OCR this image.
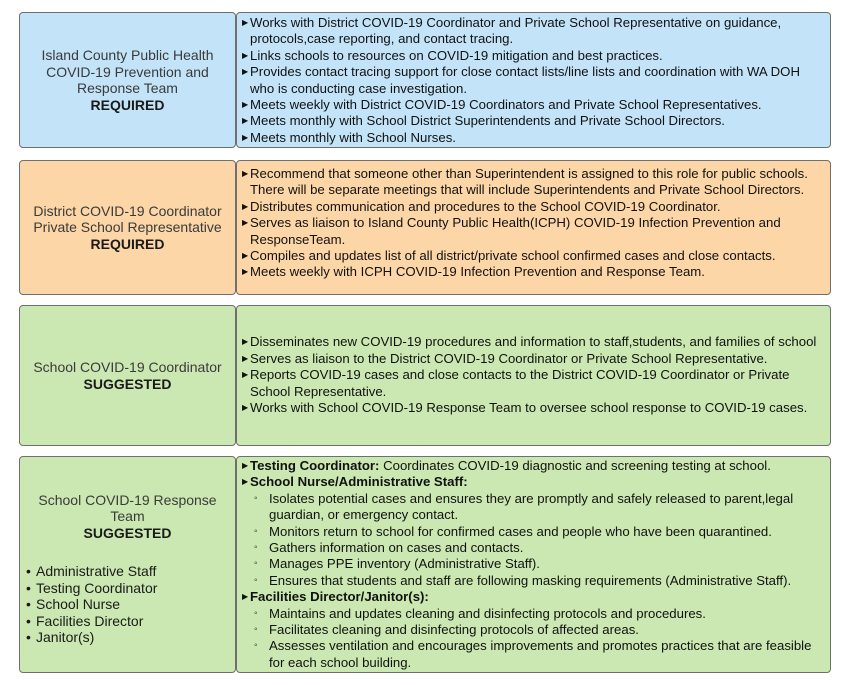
Island County Public Health
COVID-19 Prevention and
Response Team
REQUIRED
▶ Works with District COVID-19 Coordinator and Private School Representative on guidance, protocols,case reporting, and contact tracing.
▶ Links schools to resources on COVID-19 mitigation and best practices.
▶ Provides contact tracing support for close contact lists/line lists and coordination with WA DOH who is conducting case investigation.
▶ Meets weekly with District COVID-19 Coordinators and Private School Representatives.
▶ Meets monthly with School District Superintendents and Private School Directors.
▶ Meets monthly with School Nurses.
District COVID-19 Coordinator
Private School Representative
REQUIRED
▶ Recommend that someone other than Superintendent is assigned to this role for public schools. There will be separate meetings that will include Superintendents and Private School Directors.
▶ Distributes communication and procedures to the School COVID-19 Coordinator.
▶ Serves as liaison to Island County Public Health(ICPH) COVID-19 Infection Prevention and ResponseTeam.
▶ Compiles and updates list of all district/private school confirmed cases and close contacts.
▶ Meets weekly with ICPH COVID-19 Infection Prevention and Response Team.
School COVID-19 Coordinator
SUGGESTED
▶ Disseminates new COVID-19 procedures and information to staff,students, and families of school
▶ Serves as liaison to the District COVID-19 Coordinator or Private School Representative.
▶ Reports COVID-19 cases and close contacts to the District COVID-19 Coordinator or Private School Representative.
▶ Works with School COVID-19 Response Team to oversee school response to COVID-19 cases.
School COVID-19 Response Team
SUGGESTED
• Administrative Staff
• Testing Coordinator
• School Nurse
• Facilities Director
• Janitor(s)
▶ Testing Coordinator: Coordinates COVID-19 diagnostic and screening testing at school.
▶ School Nurse/Administrative Staff:
◦ Isolates potential cases and ensures they are promptly and safely released to parent,legal guardian, or emergency contact.
◦ Monitors return to school for confirmed cases and people who have been quarantined.
◦ Gathers information on cases and contacts.
◦ Manages PPE inventory (Administrative Staff).
◦ Ensures that students and staff are following masking requirements (Administrative Staff).
▶ Facilities Director/Janitor(s):
◦ Maintains and updates cleaning and disinfecting protocols and procedures.
◦ Facilitates cleaning and disinfecting protocols of affected areas.
◦ Assesses ventilation and encourages improvements and promotes practices that are feasible for each school building.
